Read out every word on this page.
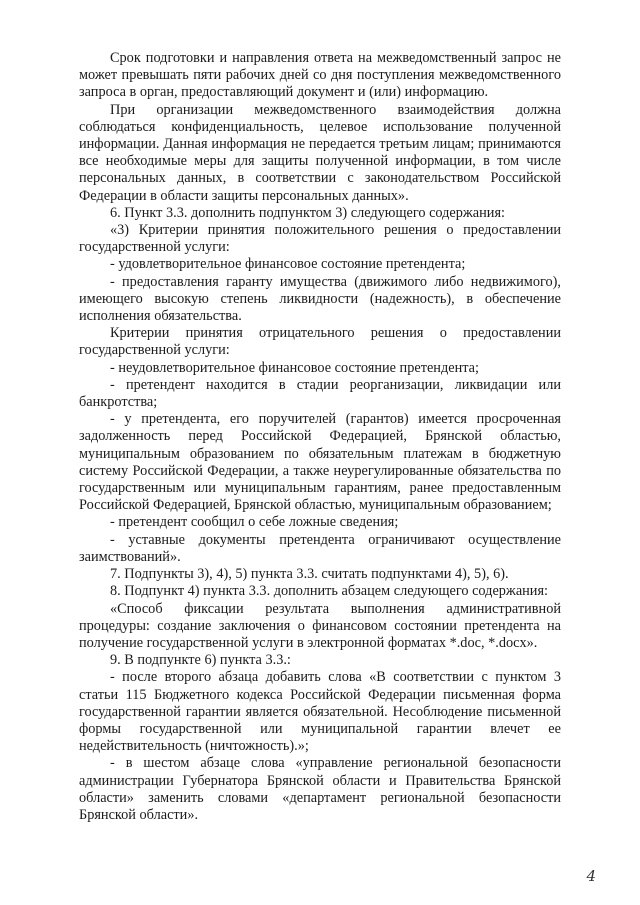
Срок подготовки и направления ответа на межведомственный запрос не может превышать пяти рабочих дней со дня поступления межведомственного запроса в орган, предоставляющий документ и (или) информацию.

При организации межведомственного взаимодействия должна соблюдаться конфиденциальность, целевое использование полученной информации. Данная информация не передается третьим лицам; принимаются все необходимые меры для защиты полученной информации, в том числе персональных данных, в соответствии с законодательством Российской Федерации в области защиты персональных данных».

6. Пункт 3.3. дополнить подпунктом 3) следующего содержания:

«3) Критерии принятия положительного решения о предоставлении государственной услуги:

- удовлетворительное финансовое состояние претендента;

- предоставления гаранту имущества (движимого либо недвижимого), имеющего высокую степень ликвидности (надежность), в обеспечение исполнения обязательства.

Критерии принятия отрицательного решения о предоставлении государственной услуги:

- неудовлетворительное финансовое состояние претендента;

- претендент находится в стадии реорганизации, ликвидации или банкротства;

- у претендента, его поручителей (гарантов) имеется просроченная задолженность перед Российской Федерацией, Брянской областью, муниципальным образованием по обязательным платежам в бюджетную систему Российской Федерации, а также неурегулированные обязательства по государственным или муниципальным гарантиям, ранее предоставленным Российской Федерацией, Брянской областью, муниципальным образованием;

- претендент сообщил о себе ложные сведения;

- уставные документы претендента ограничивают осуществление заимствований».

7. Подпункты 3), 4), 5) пункта 3.3. считать подпунктами 4), 5), 6).

8. Подпункт 4) пункта 3.3. дополнить абзацем следующего содержания:

«Способ фиксации результата выполнения административной процедуры: создание заключения о финансовом состоянии претендента на получение государственной услуги в электронной форматах *.doc, *.docx».

9. В подпункте 6) пункта 3.3.:

- после второго абзаца добавить слова «В соответствии с пунктом 3 статьи 115 Бюджетного кодекса Российской Федерации письменная форма государственной гарантии является обязательной. Несоблюдение письменной формы государственной или муниципальной гарантии влечет ее недействительность (ничтожность).»;

- в шестом абзаце слова «управление региональной безопасности администрации Губернатора Брянской области и Правительства Брянской области» заменить словами «департамент региональной безопасности Брянской области».

4
